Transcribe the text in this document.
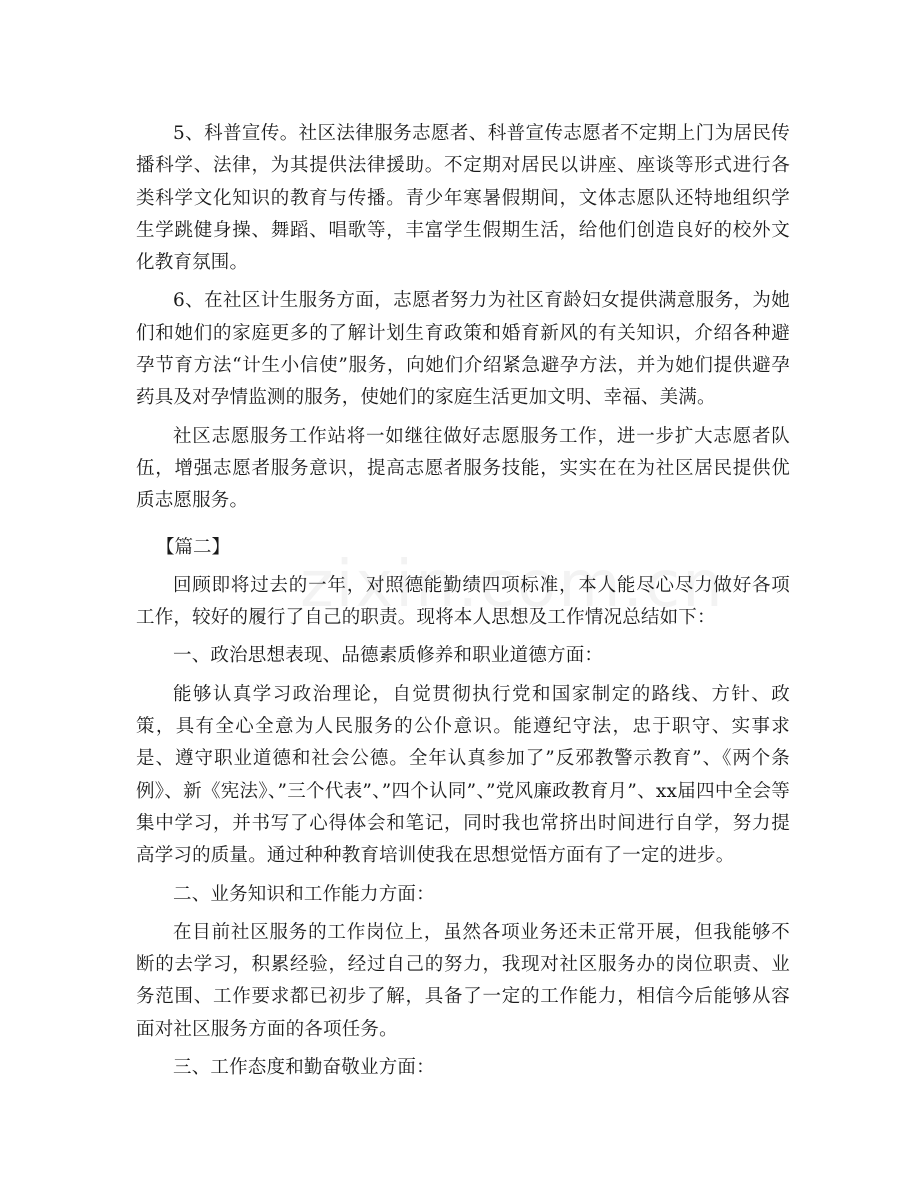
5、科普宣传。社区法律服务志愿者、科普宣传志愿者不定期上门为居民传播科学、法律，为其提供法律援助。不定期对居民以讲座、座谈等形式进行各类科学文化知识的教育与传播。青少年寒暑假期间，文体志愿队还特地组织学生学跳健身操、舞蹈、唱歌等，丰富学生假期生活，给他们创造良好的校外文化教育氛围。

6、在社区计生服务方面，志愿者努力为社区育龄妇女提供满意服务，为她们和她们的家庭更多的了解计划生育政策和婚育新风的有关知识，介绍各种避孕节育方法“计生小信使”服务，向她们介绍紧急避孕方法，并为她们提供避孕药具及对孕情监测的服务，使她们的家庭生活更加文明、幸福、美满。

社区志愿服务工作站将一如继往做好志愿服务工作，进一步扩大志愿者队伍，增强志愿者服务意识，提高志愿者服务技能，实实在在为社区居民提供优质志愿服务。

【篇二】

回顾即将过去的一年，对照德能勤绩四项标准，本人能尽心尽力做好各项工作，较好的履行了自己的职责。现将本人思想及工作情况总结如下：

一、政治思想表现、品德素质修养和职业道德方面：

能够认真学习政治理论，自觉贯彻执行党和国家制定的路线、方针、政策，具有全心全意为人民服务的公仆意识。能遵纪守法，忠于职守、实事求是、遵守职业道德和社会公德。全年认真参加了”反邪教警示教育”、《两个条例》、新《宪法》、”三个代表”、”四个认同”、”党风廉政教育月”、xx届四中全会等集中学习，并书写了心得体会和笔记，同时我也常挤出时间进行自学，努力提高学习的质量。通过种种教育培训使我在思想觉悟方面有了一定的进步。

二、业务知识和工作能力方面：

在目前社区服务的工作岗位上，虽然各项业务还未正常开展，但我能够不断的去学习，积累经验，经过自己的努力，我现对社区服务办的岗位职责、业务范围、工作要求都已初步了解，具备了一定的工作能力，相信今后能够从容面对社区服务方面的各项任务。

三、工作态度和勤奋敬业方面：
